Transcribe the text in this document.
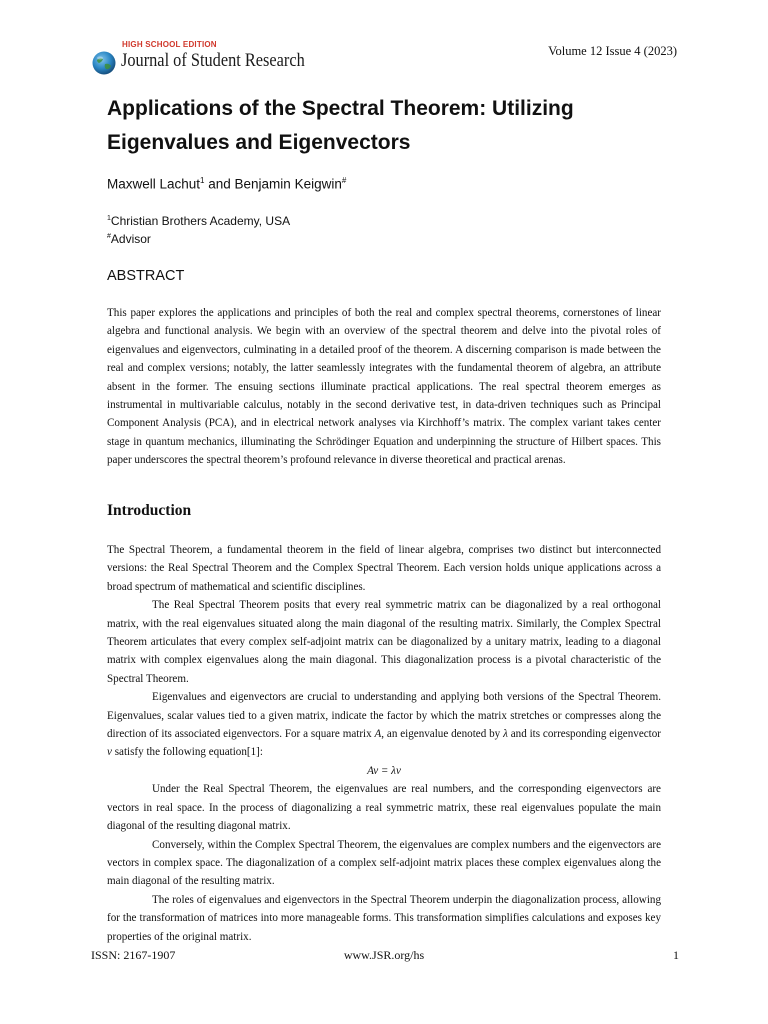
HIGH SCHOOL EDITION
Journal of Student Research	Volume 12 Issue 4 (2023)
Applications of the Spectral Theorem: Utilizing Eigenvalues and Eigenvectors
Maxwell Lachut$^1$ and Benjamin Keigwin#
$^1$Christian Brothers Academy, USA
#Advisor
ABSTRACT

This paper explores the applications and principles of both the real and complex spectral theorems, cornerstones of linear algebra and functional analysis. We begin with an overview of the spectral theorem and delve into the pivotal roles of eigenvalues and eigenvectors, culminating in a detailed proof of the theorem. A discerning comparison is made between the real and complex versions; notably, the latter seamlessly integrates with the fundamental theorem of algebra, an attribute absent in the former. The ensuing sections illuminate practical applications. The real spectral theorem emerges as instrumental in multivariable calculus, notably in the second derivative test, in data-driven techniques such as Principal Component Analysis (PCA), and in electrical network analyses via Kirchhoff’s matrix. The complex variant takes center stage in quantum mechanics, illuminating the Schrödinger Equation and underpinning the structure of Hilbert spaces. This paper underscores the spectral theorem’s profound relevance in diverse theoretical and practical arenas.

Introduction

The Spectral Theorem, a fundamental theorem in the field of linear algebra, comprises two distinct but interconnected versions: the Real Spectral Theorem and the Complex Spectral Theorem. Each version holds unique applications across a broad spectrum of mathematical and scientific disciplines.

The Real Spectral Theorem posits that every real symmetric matrix can be diagonalized by a real orthogonal matrix, with the real eigenvalues situated along the main diagonal of the resulting matrix. Similarly, the Complex Spectral Theorem articulates that every complex self-adjoint matrix can be diagonalized by a unitary matrix, leading to a diagonal matrix with complex eigenvalues along the main diagonal. This diagonalization process is a pivotal characteristic of the Spectral Theorem.

Eigenvalues and eigenvectors are crucial to understanding and applying both versions of the Spectral Theorem. Eigenvalues, scalar values tied to a given matrix, indicate the factor by which the matrix stretches or compresses along the direction of its associated eigenvectors. For a square matrix A, an eigenvalue denoted by λ and its corresponding eigenvector v satisfy the following equation[1]:

Av = λv

Under the Real Spectral Theorem, the eigenvalues are real numbers, and the corresponding eigenvectors are vectors in real space. In the process of diagonalizing a real symmetric matrix, these real eigenvalues populate the main diagonal of the resulting diagonal matrix.

Conversely, within the Complex Spectral Theorem, the eigenvalues are complex numbers and the eigenvectors are vectors in complex space. The diagonalization of a complex self-adjoint matrix places these complex eigenvalues along the main diagonal of the resulting matrix.

The roles of eigenvalues and eigenvectors in the Spectral Theorem underpin the diagonalization process, allowing for the transformation of matrices into more manageable forms. This transformation simplifies calculations and exposes key properties of the original matrix.

ISSN: 2167-1907	www.JSR.org/hs	1
